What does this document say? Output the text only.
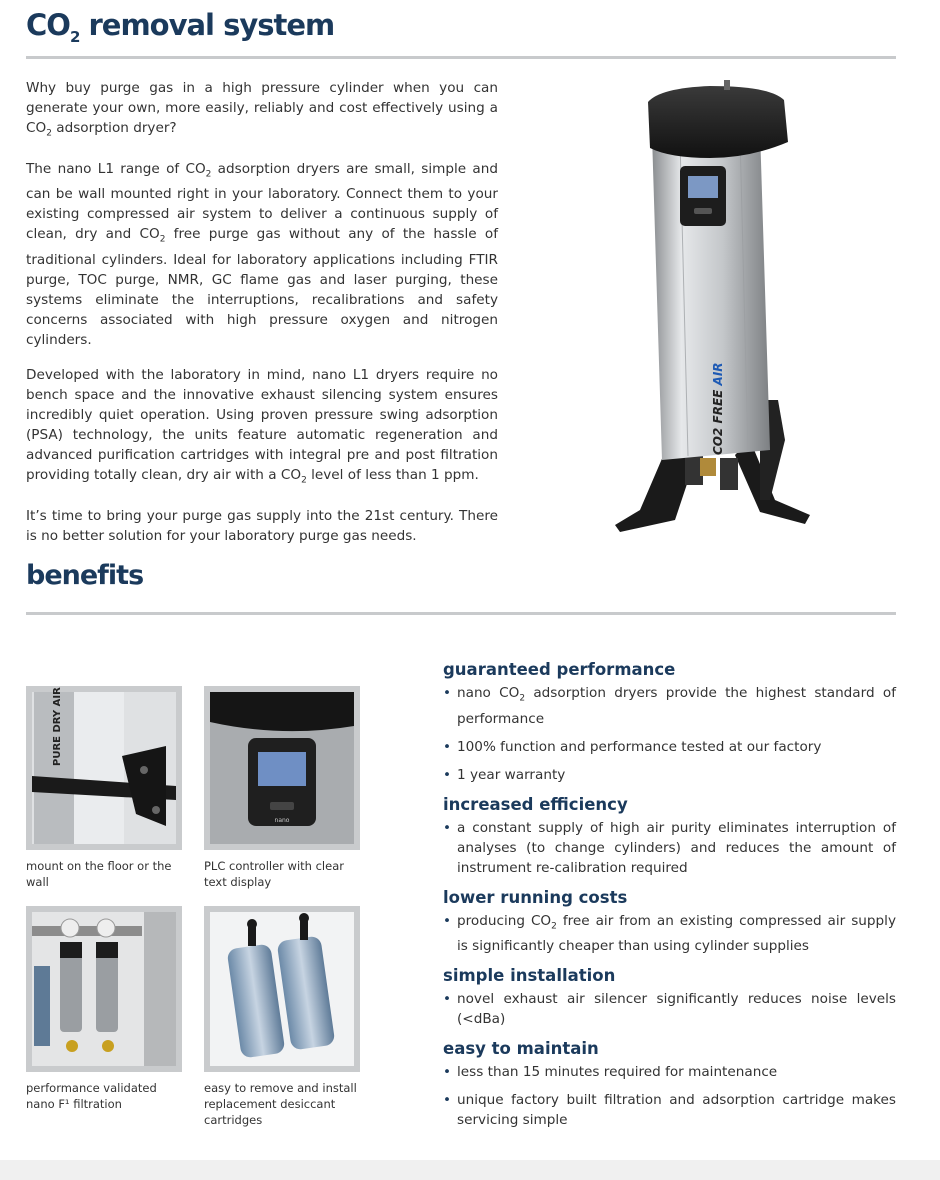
$CO_2$ removal system

Why buy purge gas in a high pressure cylinder when you can generate your own, more easily, reliably and cost effectively using a $CO_2$ adsorption dryer?

The nano L1 range of $CO_2$ adsorption dryers are small, simple and can be wall mounted right in your laboratory. Connect them to your existing compressed air system to deliver a continuous supply of clean, dry and $CO_2$ free purge gas without any of the hassle of traditional cylinders. Ideal for laboratory applications including FTIR purge, TOC purge, NMR, GC flame gas and laser purging, these systems eliminate the interruptions, recalibrations and safety concerns associated with high pressure oxygen and nitrogen cylinders.

Developed with the laboratory in mind, nano L1 dryers require no bench space and the innovative exhaust silencing system ensures incredibly quiet operation. Using proven pressure swing adsorption (PSA) technology, the units feature automatic regeneration and advanced purification cartridges with integral pre and post filtration providing totally clean, dry air with a $CO_2$ level of less than 1 ppm.

It’s time to bring your purge gas supply into the 21st century. There is no better solution for your laboratory purge gas needs.

CO2 FREE AIR
benefits
PURE DRY AIR
mount on the floor or the wall
nano
PLC controller with clear text display
performance validated nano F¹ filtration
easy to remove and install replacement desiccant cartridges
guaranteed performance
• nano $CO_2$ adsorption dryers provide the highest standard of performance
• 100% function and performance tested at our factory
• 1 year warranty
increased efficiency
• a constant supply of high air purity eliminates interruption of analyses (to change cylinders) and reduces the amount of instrument re-calibration required
lower running costs
• producing $CO_2$ free air from an existing compressed air supply is significantly cheaper than using cylinder supplies
simple installation
• novel exhaust air silencer significantly reduces noise levels (<dBa)
easy to maintain
• less than 15 minutes required for maintenance
• unique factory built filtration and adsorption cartridge makes servicing simple
